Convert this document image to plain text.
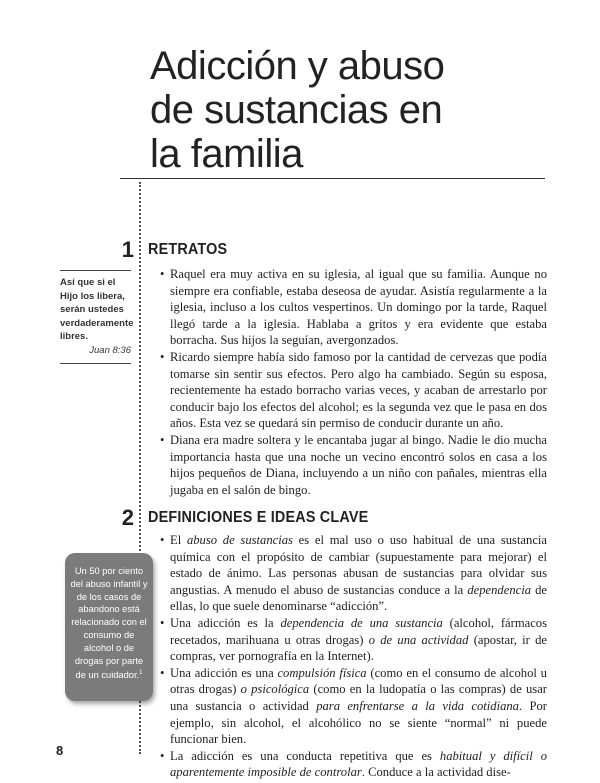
Adicción y abuso
de sustancias en
la familia
1 RETRATOS
Así que si el Hijo los libera, serán ustedes verdaderamente libres.
Juan 8:36
• Raquel era muy activa en su iglesia, al igual que su familia. Aunque no siempre era confiable, estaba deseosa de ayudar. Asistía regularmente a la iglesia, incluso a los cultos vespertinos. Un domingo por la tarde, Raquel llegó tarde a la iglesia. Hablaba a gritos y era evidente que estaba borracha. Sus hijos la seguían, avergonzados.
• Ricardo siempre había sido famoso por la cantidad de cervezas que podía tomarse sin sentir sus efectos. Pero algo ha cambiado. Según su esposa, recientemente ha estado borracho varias veces, y acaban de arrestarlo por conducir bajo los efectos del alcohol; es la segunda vez que le pasa en dos años. Esta vez se quedará sin permiso de conducir durante un año.
• Diana era madre soltera y le encantaba jugar al bingo. Nadie le dio mucha importancia hasta que una noche un vecino encontró solos en casa a los hijos pequeños de Diana, incluyendo a un niño con pañales, mientras ella jugaba en el salón de bingo.
2 DEFINICIONES E IDEAS CLAVE
Un 50 por ciento del abuso infantil y de los casos de abandono está relacionado con el consumo de alcohol o de drogas por parte de un cuidador.$^1$
• El abuso de sustancias es el mal uso o uso habitual de una sustancia química con el propósito de cambiar (supuestamente para mejorar) el estado de ánimo. Las personas abusan de sustancias para olvidar sus angustias. A menudo el abuso de sustancias conduce a la dependencia de ellas, lo que suele denominarse “adicción”.
• Una adicción es la dependencia de una sustancia (alcohol, fármacos recetados, marihuana u otras drogas) o de una actividad (apostar, ir de compras, ver pornografía en la Internet).
• Una adicción es una compulsión física (como en el consumo de alcohol u otras drogas) o psicológica (como en la ludopatía o las compras) de usar una sustancia o actividad para enfrentarse a la vida cotidiana. Por ejemplo, sin alcohol, el alcohólico no se siente “normal” ni puede funcionar bien.
• La adicción es una conducta repetitiva que es habitual y difícil o aparentemente imposible de controlar. Conduce a la actividad dise-
8
